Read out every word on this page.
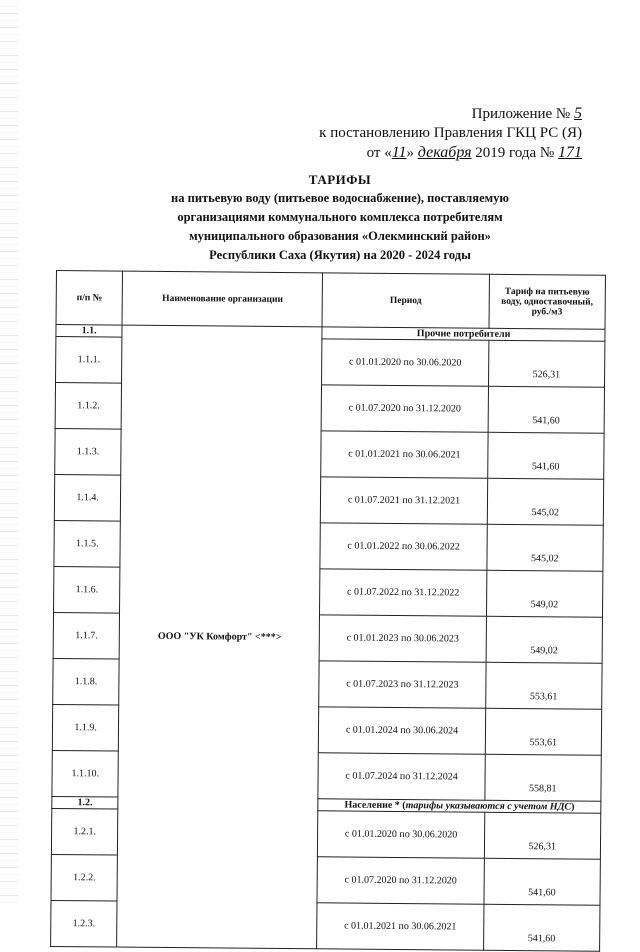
Приложение № 5
к постановлению Правления ГКЦ РС (Я)
от «11» декабря 2019 года № 171
ТАРИФЫ
на питьевую воду (питьевое водоснабжение), поставляемую
организациями коммунального комплекса потребителям
муниципального образования «Олекминский район»
Республики Саха (Якутия) на 2020 - 2024 годы
п/п №	Наименование организации	Период	Тариф на питьевую воду, одноставочный, руб./м3
1.1.	ООО "УК Комфорт" <***>	Прочие потребители	
1.1.1.		с 01.01.2020 по 30.06.2020	526,31
1.1.2.		с 01.07.2020 по 31.12.2020	541,60
1.1.3.		с 01.01.2021 по 30.06.2021	541,60
1.1.4.		с 01.07.2021 по 31.12.2021	545,02
1.1.5.		с 01.01.2022 по 30.06.2022	545,02
1.1.6.		с 01.07.2022 по 31.12.2022	549,02
1.1.7.		с 01.01.2023 по 30.06.2023	549,02
1.1.8.		с 01.07.2023 по 31.12.2023	553,61
1.1.9.		с 01.01.2024 по 30.06.2024	553,61
1.1.10.		с 01.07.2024 по 31.12.2024	558,81
1.2.		Население * (тарифы указываются с учетом НДС)	
1.2.1.		с 01.01.2020 по 30.06.2020	526,31
1.2.2.		с 01.07.2020 по 31.12.2020	541,60
1.2.3.		с 01.01.2021 по 30.06.2021	541,60
